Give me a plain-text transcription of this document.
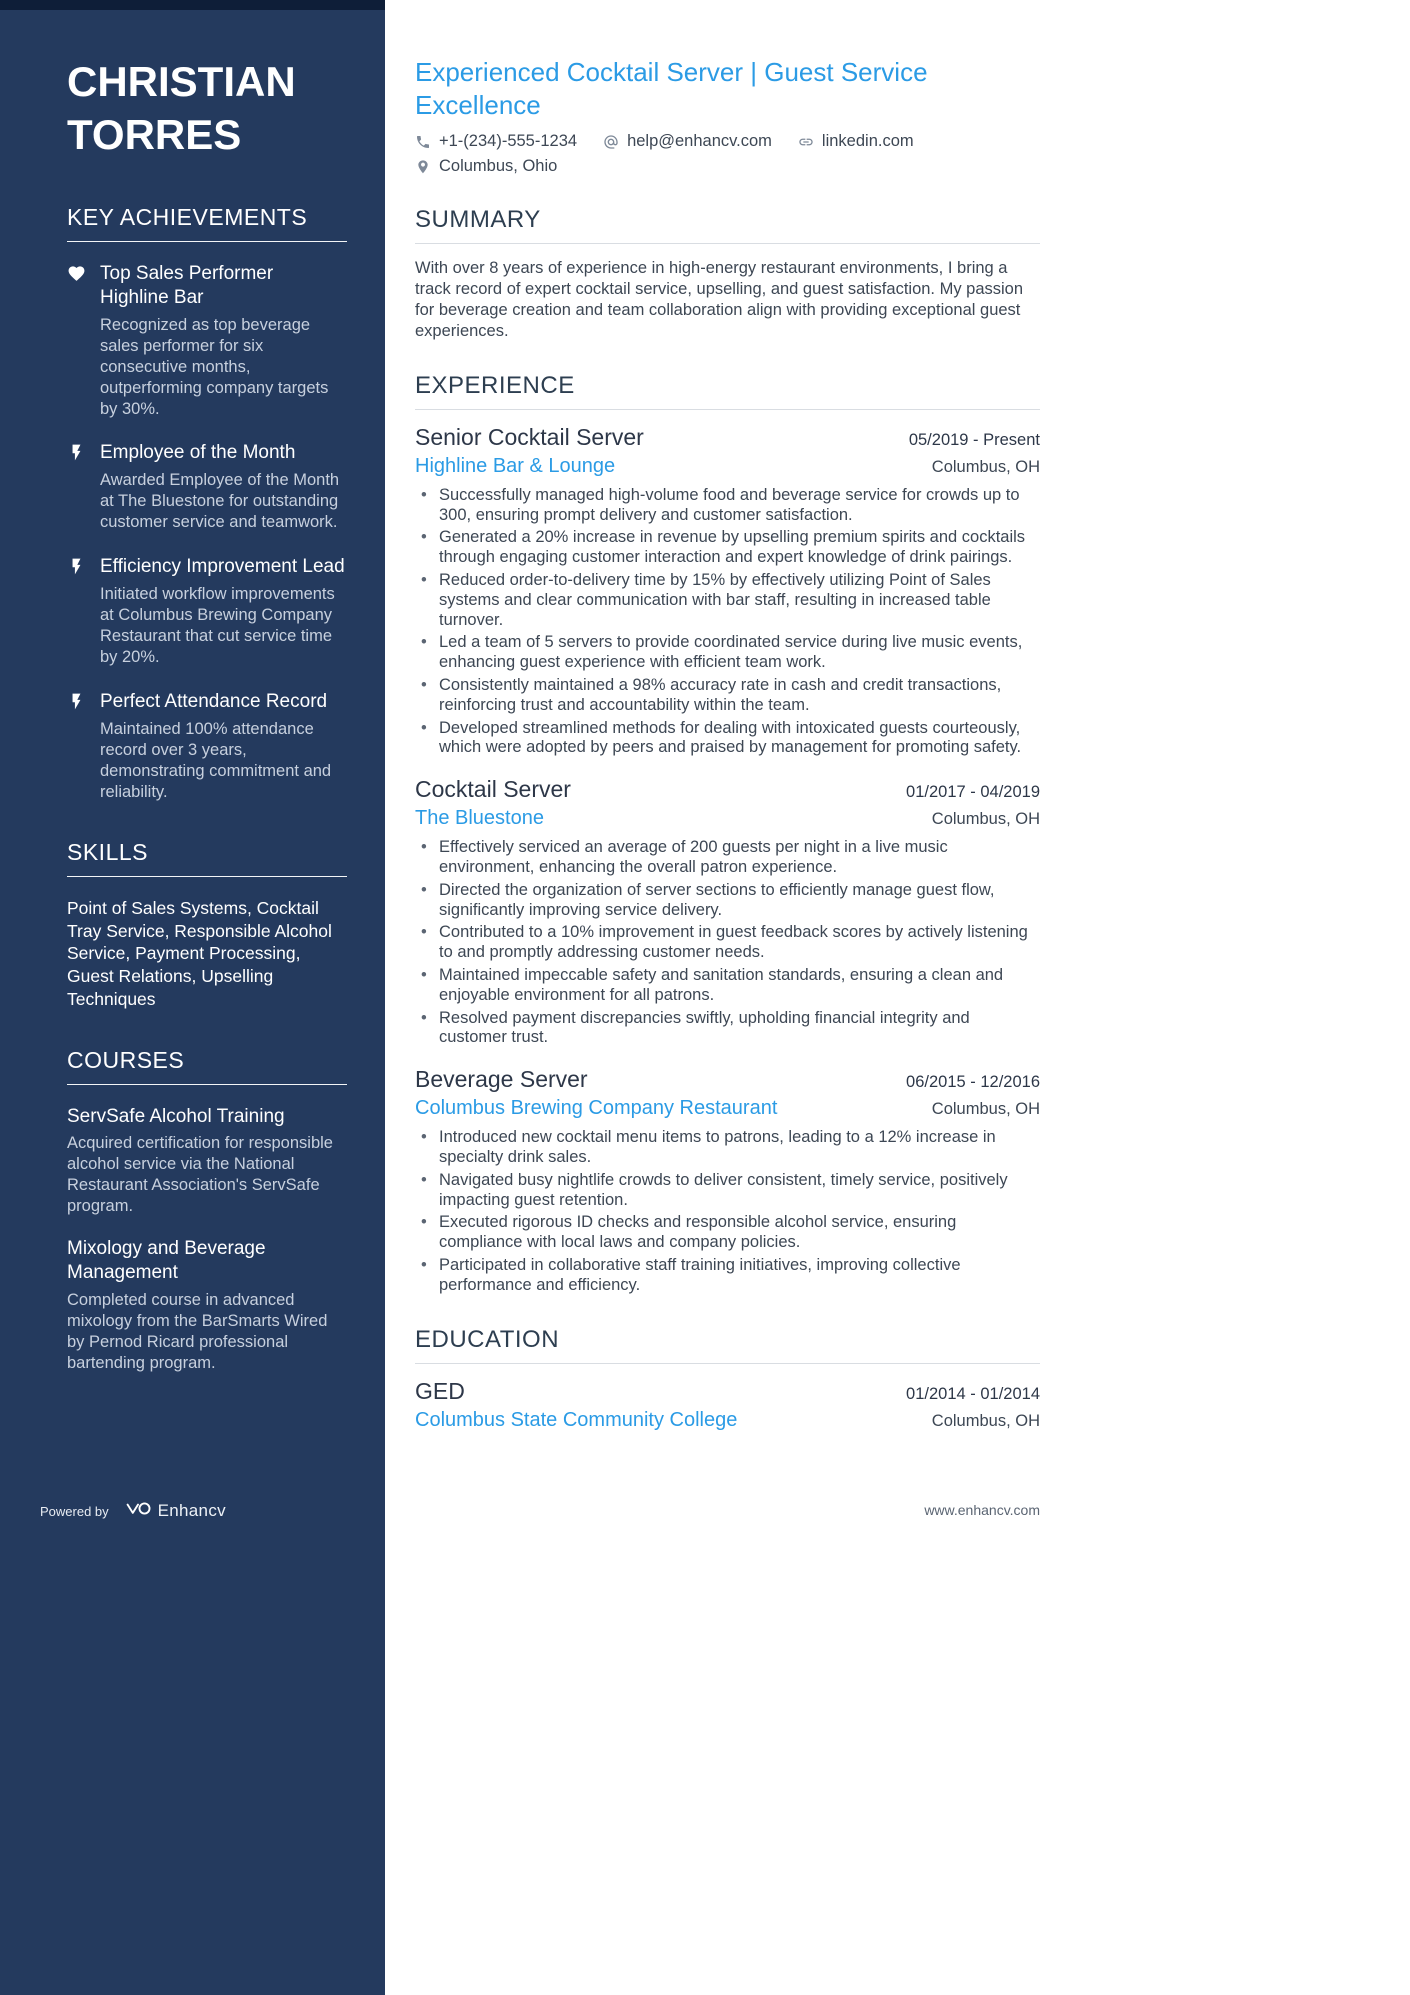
CHRISTIAN TORRES
KEY ACHIEVEMENTS
Top Sales Performer Highline Bar
Recognized as top beverage sales performer for six consecutive months, outperforming company targets by 30%.
Employee of the Month
Awarded Employee of the Month at The Bluestone for outstanding customer service and teamwork.
Efficiency Improvement Lead
Initiated workflow improvements at Columbus Brewing Company Restaurant that cut service time by 20%.
Perfect Attendance Record
Maintained 100% attendance record over 3 years, demonstrating commitment and reliability.
SKILLS

Point of Sales Systems, Cocktail Tray Service, Responsible Alcohol Service, Payment Processing, Guest Relations, Upselling Techniques

COURSES
ServSafe Alcohol Training
Acquired certification for responsible alcohol service via the National Restaurant Association's ServSafe program.
Mixology and Beverage Management
Completed course in advanced mixology from the BarSmarts Wired by Pernod Ricard professional bartending program.
Powered by	Enhancv
Experienced Cocktail Server | Guest Service Excellence
+1-(234)-555-1234	help@enhancv.com	linkedin.com
Columbus, Ohio
SUMMARY

With over 8 years of experience in high-energy restaurant environments, I bring a track record of expert cocktail service, upselling, and guest satisfaction. My passion for beverage creation and team collaboration align with providing exceptional guest experiences.

EXPERIENCE
Senior Cocktail Server	05/2019 - Present
Highline Bar & Lounge	Columbus, OH
• Successfully managed high-volume food and beverage service for crowds up to 300, ensuring prompt delivery and customer satisfaction.
• Generated a 20% increase in revenue by upselling premium spirits and cocktails through engaging customer interaction and expert knowledge of drink pairings.
• Reduced order-to-delivery time by 15% by effectively utilizing Point of Sales systems and clear communication with bar staff, resulting in increased table turnover.
• Led a team of 5 servers to provide coordinated service during live music events, enhancing guest experience with efficient team work.
• Consistently maintained a 98% accuracy rate in cash and credit transactions, reinforcing trust and accountability within the team.
• Developed streamlined methods for dealing with intoxicated guests courteously, which were adopted by peers and praised by management for promoting safety.
Cocktail Server	01/2017 - 04/2019
The Bluestone	Columbus, OH
• Effectively serviced an average of 200 guests per night in a live music environment, enhancing the overall patron experience.
• Directed the organization of server sections to efficiently manage guest flow, significantly improving service delivery.
• Contributed to a 10% improvement in guest feedback scores by actively listening to and promptly addressing customer needs.
• Maintained impeccable safety and sanitation standards, ensuring a clean and enjoyable environment for all patrons.
• Resolved payment discrepancies swiftly, upholding financial integrity and customer trust.
Beverage Server	06/2015 - 12/2016
Columbus Brewing Company Restaurant	Columbus, OH
• Introduced new cocktail menu items to patrons, leading to a 12% increase in specialty drink sales.
• Navigated busy nightlife crowds to deliver consistent, timely service, positively impacting guest retention.
• Executed rigorous ID checks and responsible alcohol service, ensuring compliance with local laws and company policies.
• Participated in collaborative staff training initiatives, improving collective performance and efficiency.
EDUCATION
GED	01/2014 - 01/2014
Columbus State Community College	Columbus, OH
www.enhancv.com
